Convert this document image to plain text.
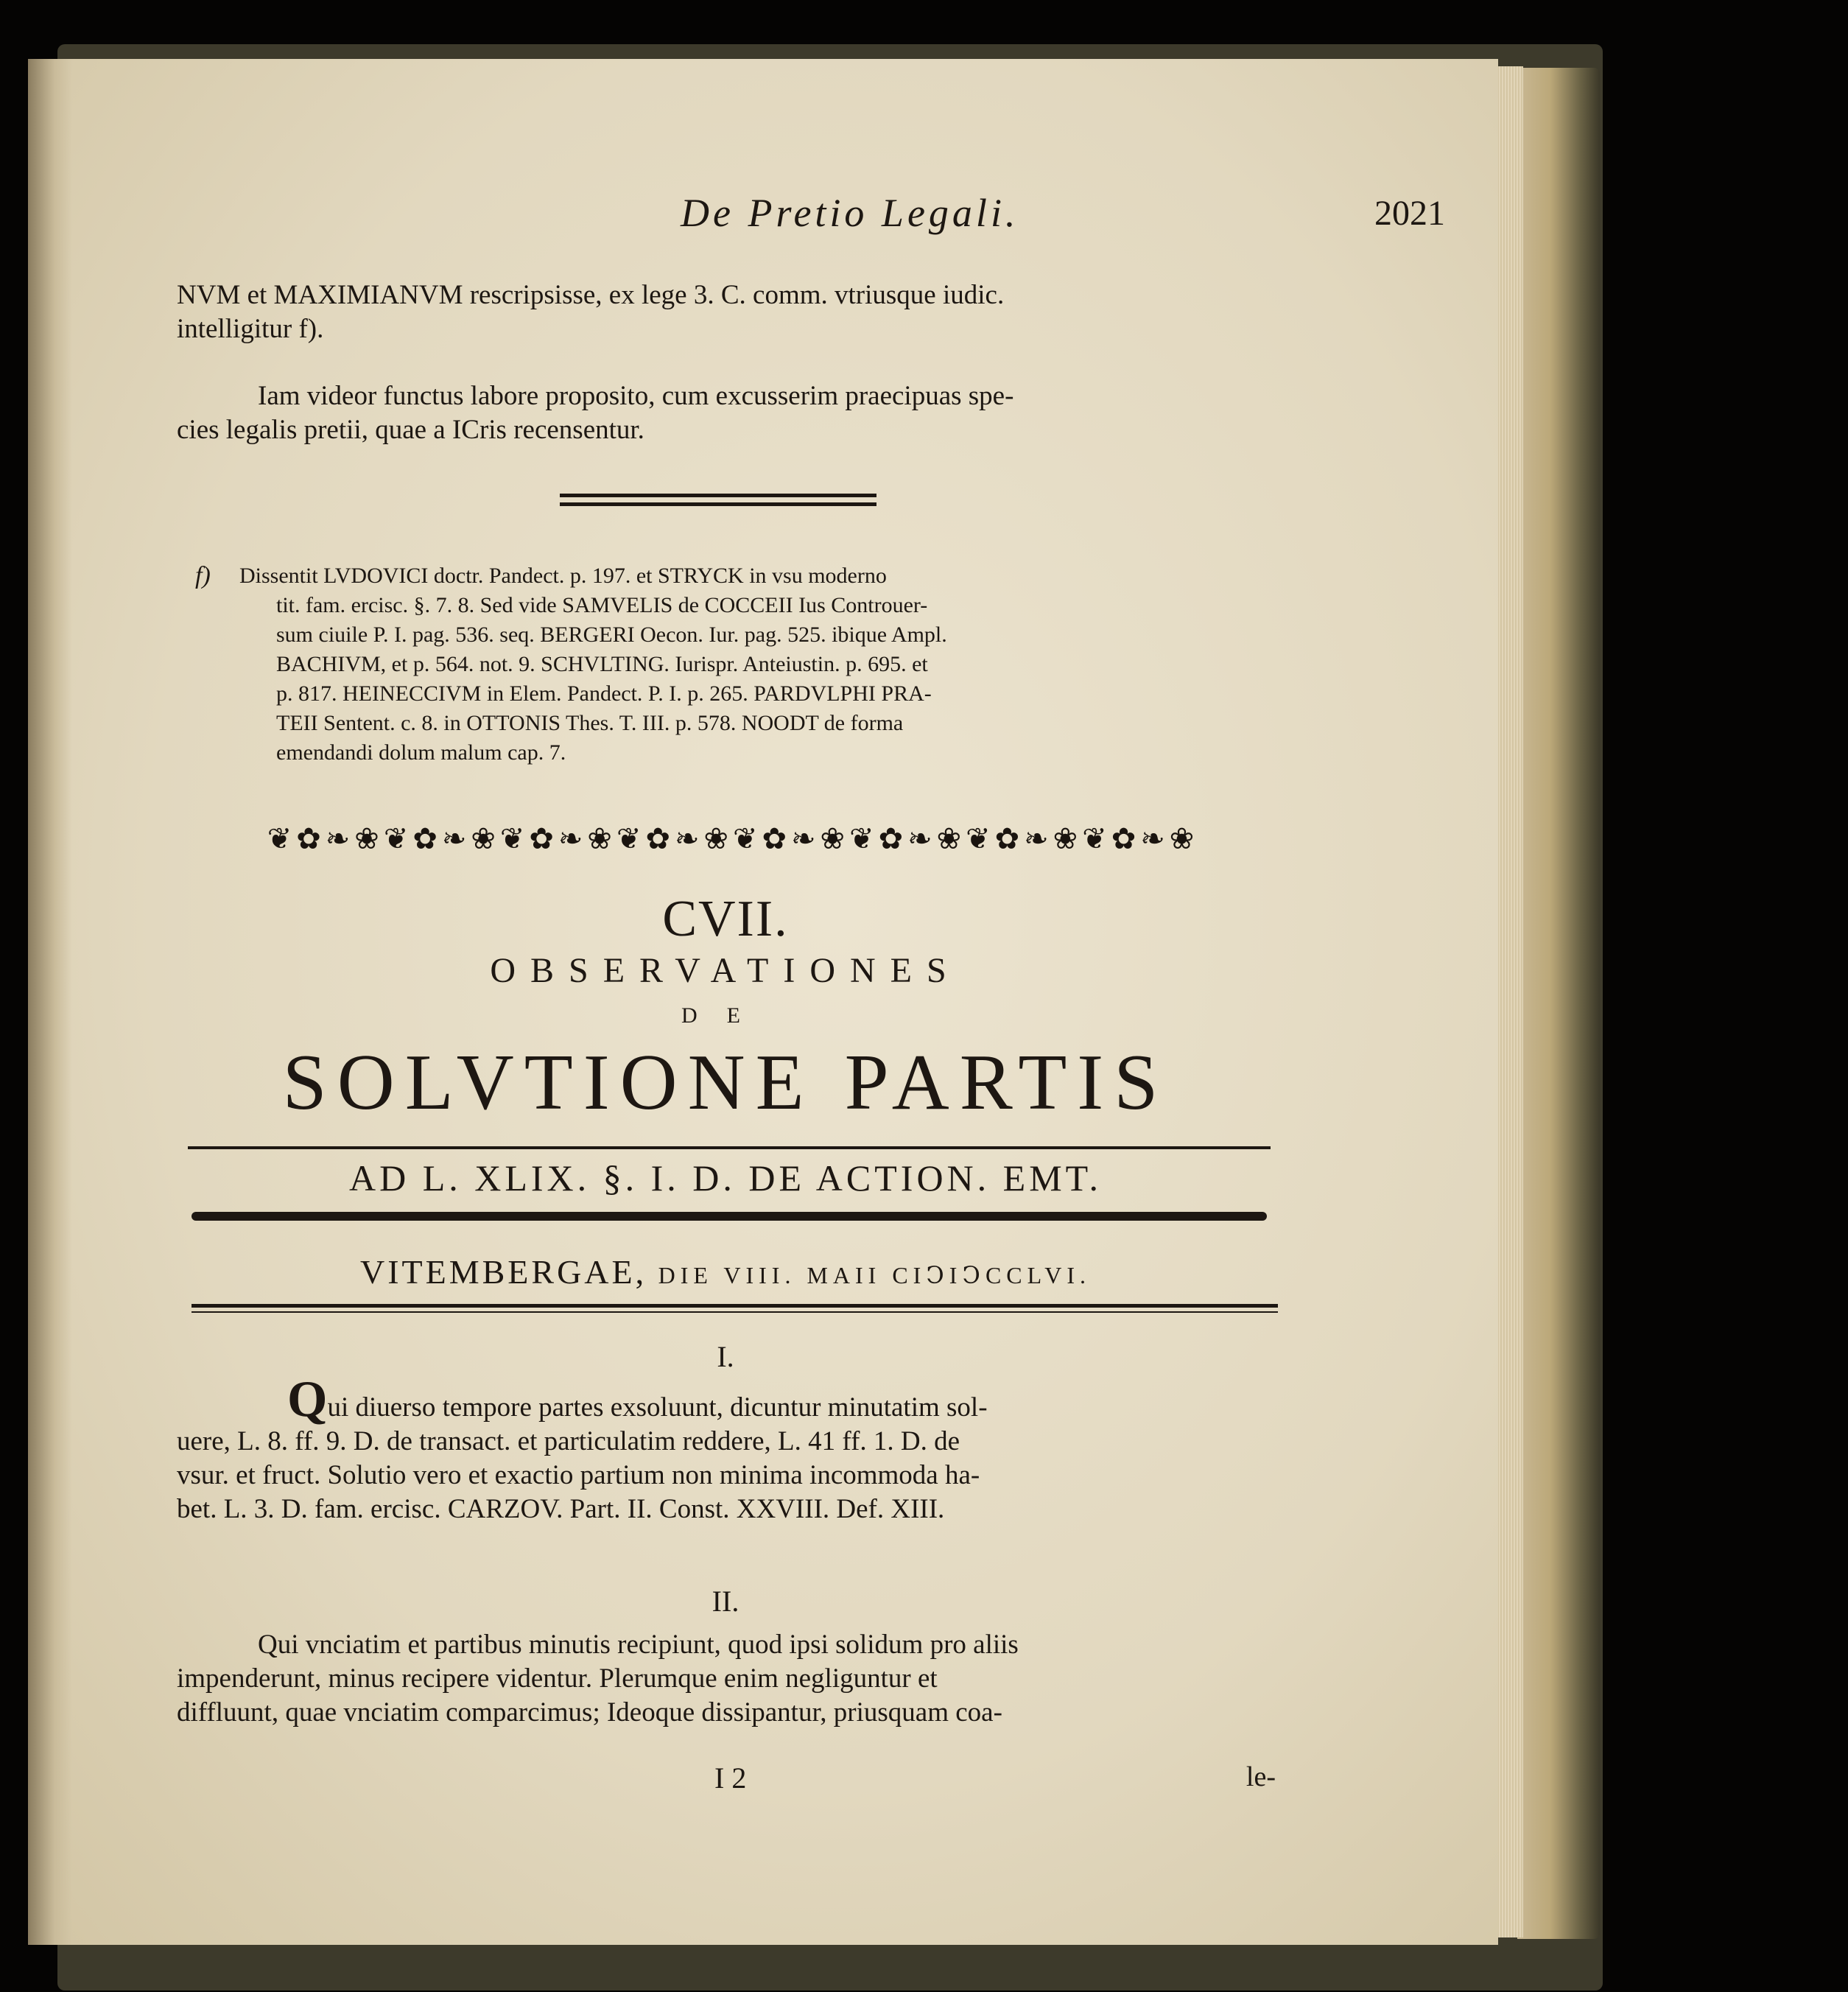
De Pretio Legali.	2021

NVM et MAXIMIANVM rescripsisse, ex lege 3. C. comm. vtriusque iudic.
intelligitur f).

Iam videor functus labore proposito, cum excusserim praecipuas spe-
cies legalis pretii, quae a ICris recensentur.

f)	Dissentit LVDOVICI doctr. Pandect. p. 197. et STRYCK in vsu moderno
tit. fam. ercisc. §. 7. 8. Sed vide SAMVELIS de COCCEII Ius Controuer-
sum ciuile P. I. pag. 536. seq. BERGERI Oecon. Iur. pag. 525. ibique Ampl.
BACHIVM, et p. 564. not. 9. SCHVLTING. Iurispr. Anteiustin. p. 695. et
p. 817. HEINECCIVM in Elem. Pandect. P. I. p. 265. PARDVLPHI PRA-
TEII Sentent. c. 8. in OTTONIS Thes. T. III. p. 578. NOODT de forma
emendandi dolum malum cap. 7.
❦✿❧❀❦✿❧❀❦✿❧❀❦✿❧❀❦✿❧❀❦✿❧❀❦✿❧❀❦✿❧❀
CVII.
OBSERVATIONES
DE
SOLVTIONE PARTIS
AD L. XLIX. §. I. D. DE ACTION. EMT.
VITEMBERGAE, DIE VIII. MAII CIↃIↃCCLVI.
I.

Qui diuerso tempore partes exsoluunt, dicuntur minutatim sol-
uere, L. 8. ff. 9. D. de transact. et particulatim reddere, L. 41 ff. 1. D. de
vsur. et fruct. Solutio vero et exactio partium non minima incommoda ha-
bet. L. 3. D. fam. ercisc. CARZOV. Part. II. Const. XXVIII. Def. XIII.

II.

Qui vnciatim et partibus minutis recipiunt, quod ipsi solidum pro aliis
impenderunt, minus recipere videntur. Plerumque enim negliguntur et
diffluunt, quae vnciatim comparcimus; Ideoque dissipantur, priusquam coa-

I 2	le-
